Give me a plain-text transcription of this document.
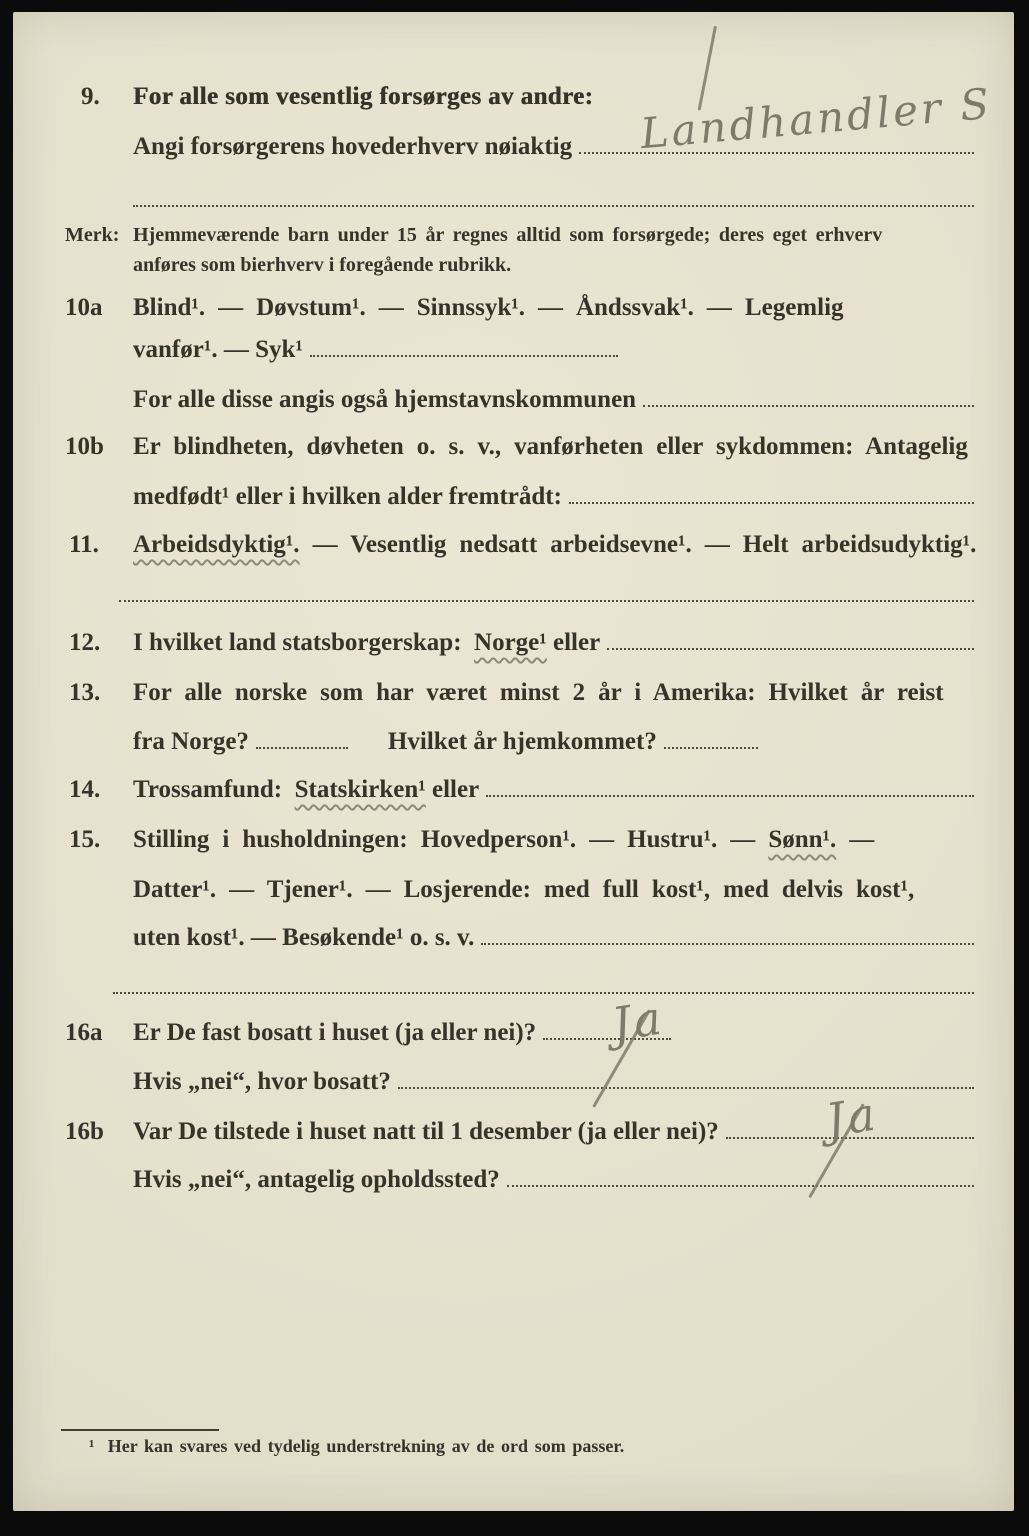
9.	For alle som vesentlig forsørges av andre:
Angi forsørgerens hovederhverv nøiaktig Landhandler S
Merk: Hjemmeværende barn under 15 år regnes alltid som forsørgede; deres eget erhverv
anføres som bierhverv i foregående rubrikk.
10a	Blind¹. — Døvstum¹. — Sinnssyk¹. — Åndssvak¹. — Legemlig
vanfør¹. — Syk¹
For alle disse angis også hjemstavnskommunen
10b	Er blindheten, døvheten o. s. v., vanførheten eller sykdommen: Antagelig
medfødt¹ eller i hvilken alder fremtrådt:
11.	Arbeidsdyktig¹. — Vesentlig nedsatt arbeidsevne¹. — Helt arbeidsudyktig¹.
12.	I hvilket land statsborgerskap: Norge¹ eller
13.	For alle norske som har været minst 2 år i Amerika: Hvilket år reist
fra Norge?	Hvilket år hjemkommet?
14.	Trossamfund: Statskirken¹ eller
15.	Stilling i husholdningen: Hovedperson¹. — Hustru¹. — Sønn¹. —
Datter¹. — Tjener¹. — Losjerende: med full kost¹, med delvis kost¹,
uten kost¹. — Besøkende¹ o. s. v.
16a	Er De fast bosatt i huset (ja eller nei)? Ja
Hvis „nei“, hvor bosatt?
16b	Var De tilstede i huset natt til 1 desember (ja eller nei)? Ja
Hvis „nei“, antagelig opholdssted?
¹  Her kan svares ved tydelig understrekning av de ord som passer.
